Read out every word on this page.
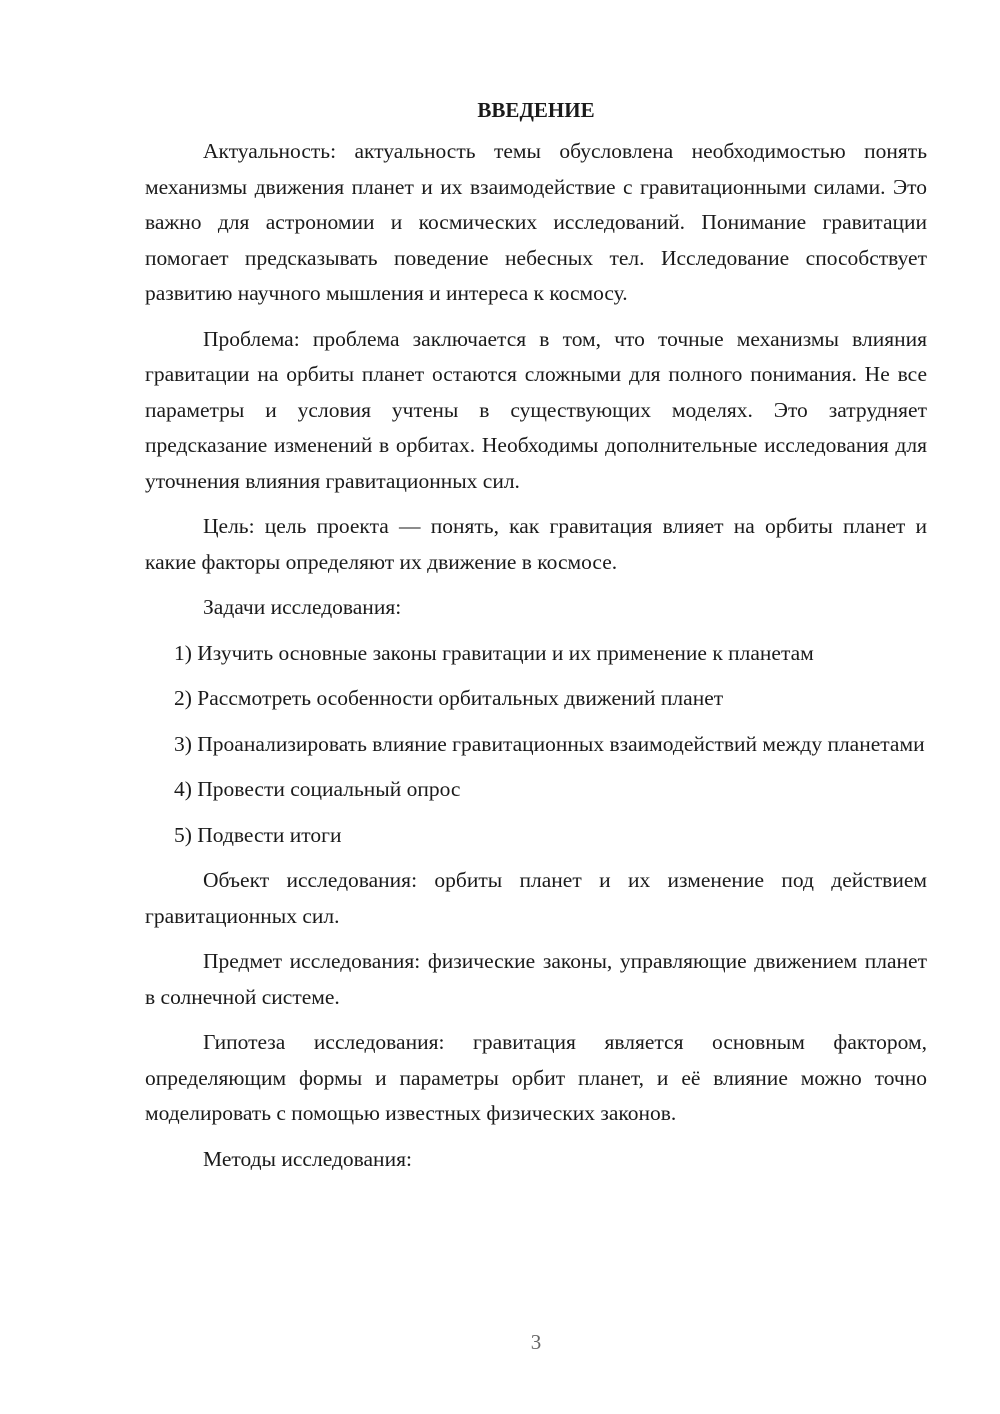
ВВЕДЕНИЕ

Актуальность: актуальность темы обусловлена необходимостью понять механизмы движения планет и их взаимодействие с гравитационными силами. Это важно для астрономии и космических исследований. Понимание гравитации помогает предсказывать поведение небесных тел. Исследование способствует развитию научного мышления и интереса к космосу.

Проблема: проблема заключается в том, что точные механизмы влияния гравитации на орбиты планет остаются сложными для полного понимания. Не все параметры и условия учтены в существующих моделях. Это затрудняет предсказание изменений в орбитах. Необходимы дополнительные исследования для уточнения влияния гравитационных сил.

Цель: цель проекта — понять, как гравитация влияет на орбиты планет и какие факторы определяют их движение в космосе.

Задачи исследования:

1) Изучить основные законы гравитации и их применение к планетам

2) Рассмотреть особенности орбитальных движений планет

3) Проанализировать влияние гравитационных взаимодействий между планетами

4) Провести социальный опрос

5) Подвести итоги

Объект исследования: орбиты планет и их изменение под действием гравитационных сил.

Предмет исследования: физические законы, управляющие движением планет в солнечной системе.

Гипотеза исследования: гравитация является основным фактором, определяющим формы и параметры орбит планет, и её влияние можно точно моделировать с помощью известных физических законов.

Методы исследования:

3
